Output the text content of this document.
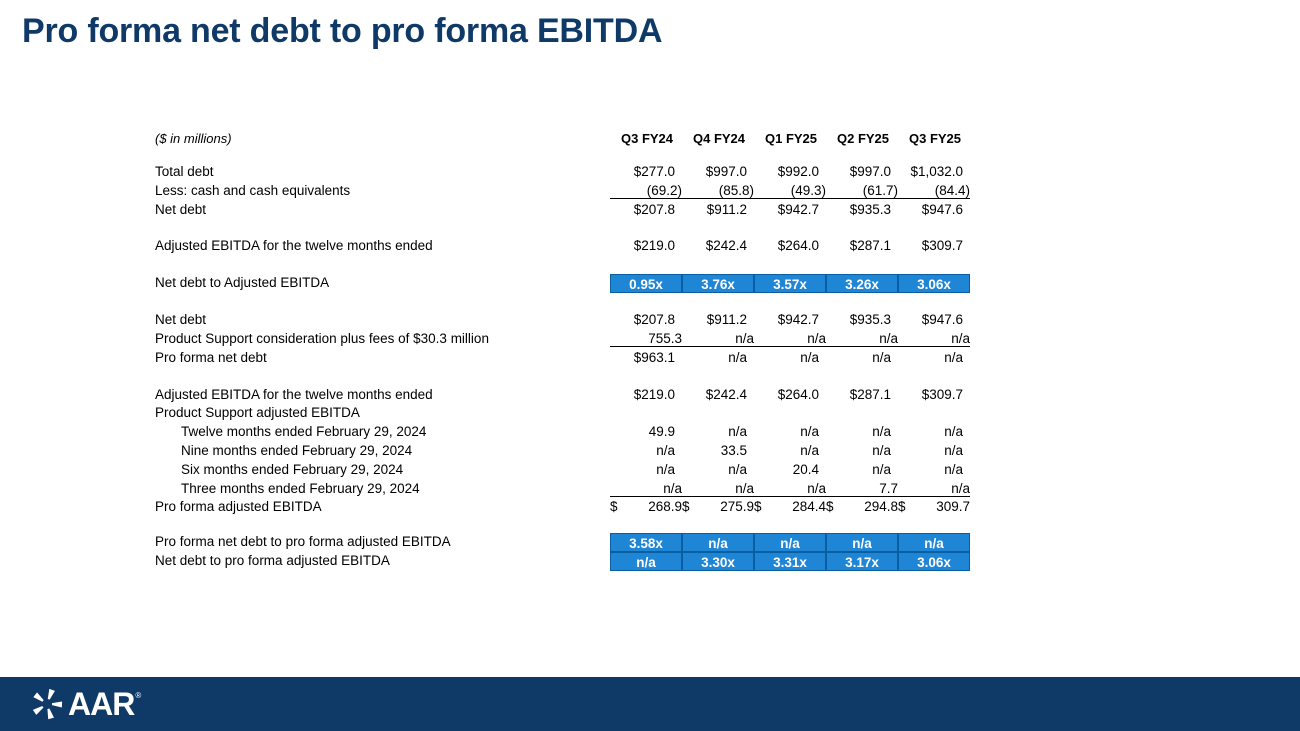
Pro forma net debt to pro forma EBITDA
($ in millions)	Q3 FY24	Q4 FY24	Q1 FY25	Q2 FY25	Q3 FY25
Total debt	$277.0	$997.0	$992.0	$997.0	$1,032.0
Less: cash and cash equivalents	(69.2)	(85.8)	(49.3)	(61.7)	(84.4)
Net debt	$207.8	$911.2	$942.7	$935.3	$947.6
Adjusted EBITDA for the twelve months ended	$219.0	$242.4	$264.0	$287.1	$309.7
Net debt to Adjusted EBITDA	0.95x	3.76x	3.57x	3.26x	3.06x
Net debt	$207.8	$911.2	$942.7	$935.3	$947.6
Product Support consideration plus fees of $30.3 million	755.3	n/a	n/a	n/a	n/a
Pro forma net debt	$963.1	n/a	n/a	n/a	n/a
Adjusted EBITDA for the twelve months ended	$219.0	$242.4	$264.0	$287.1	$309.7
Product Support adjusted EBITDA
Twelve months ended February 29, 2024	49.9	n/a	n/a	n/a	n/a
Nine months ended February 29, 2024	n/a	33.5	n/a	n/a	n/a
Six months ended February 29, 2024	n/a	n/a	20.4	n/a	n/a
Three months ended February 29, 2024	n/a	n/a	n/a	7.7	n/a
Pro forma adjusted EBITDA	$ 268.9 $ 275.9 $ 284.4 $ 294.8 $ 309.7
Pro forma net debt to pro forma adjusted EBITDA	3.58x	n/a	n/a	n/a	n/a
Net debt to pro forma adjusted EBITDA	n/a	3.30x	3.31x	3.17x	3.06x
AAR ®
